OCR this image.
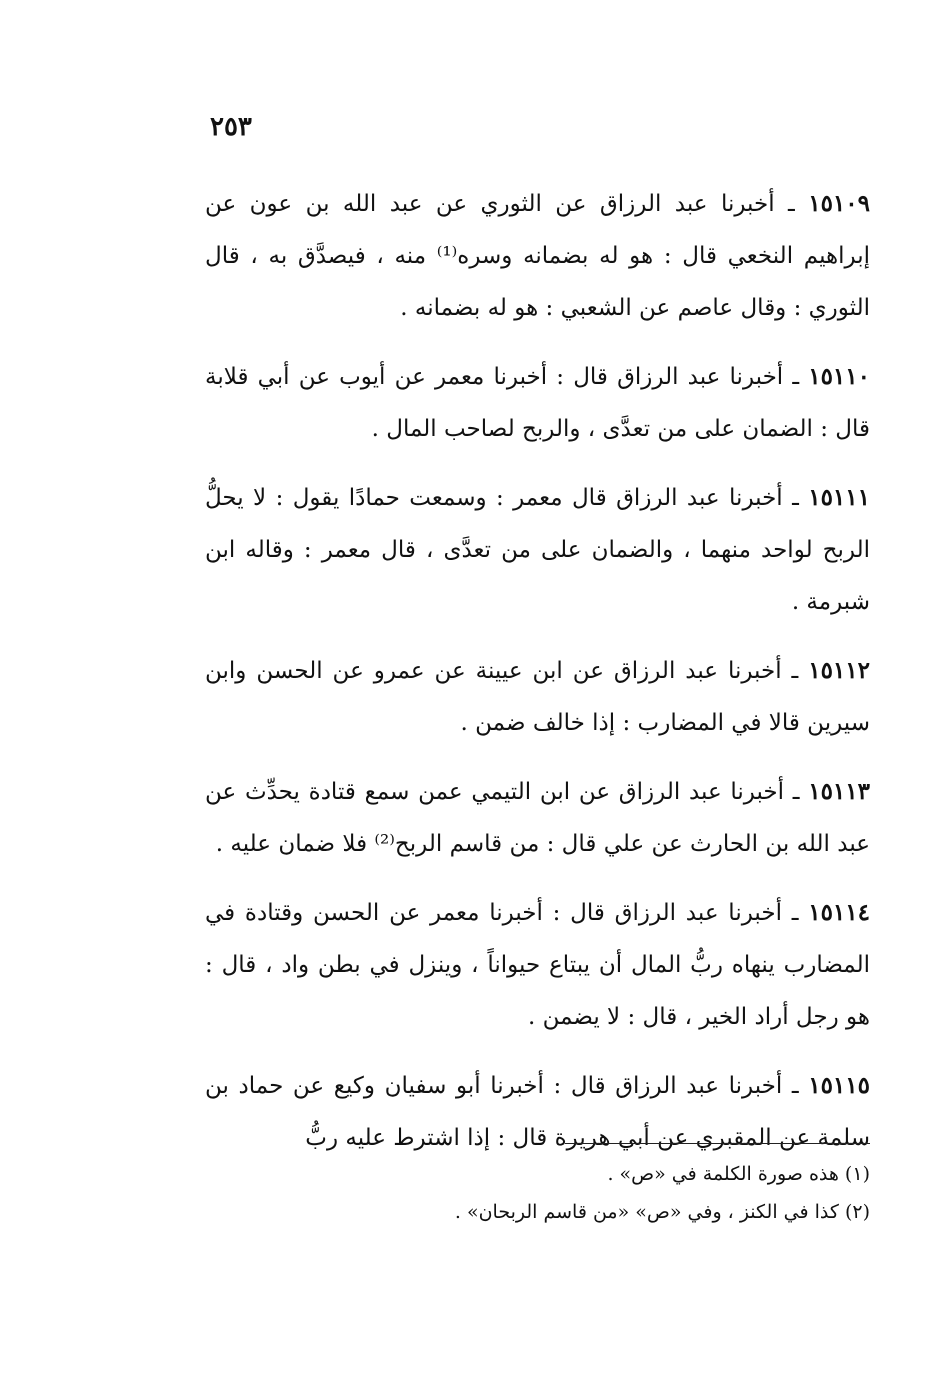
٢٥٣

١٥١٠٩ ـ أخبرنا عبد الرزاق عن الثوري عن عبد الله بن عون عن إبراهيم النخعي قال : هو له بضمانه وسره⁽¹⁾ منه ، فيصدَّق به ، قال الثوري : وقال عاصم عن الشعبي : هو له بضمانه .

١٥١١٠ ـ أخبرنا عبد الرزاق قال : أخبرنا معمر عن أيوب عن أبي قلابة قال : الضمان على من تعدَّى ، والربح لصاحب المال .

١٥١١١ ـ أخبرنا عبد الرزاق قال معمر : وسمعت حمادًا يقول : لا يحلُّ الربح لواحد منهما ، والضمان على من تعدَّى ، قال معمر : وقاله ابن شبرمة .

١٥١١٢ ـ أخبرنا عبد الرزاق عن ابن عيينة عن عمرو عن الحسن وابن سيرين قالا في المضارب : إذا خالف ضمن .

١٥١١٣ ـ أخبرنا عبد الرزاق عن ابن التيمي عمن سمع قتادة يحدِّث عن عبد الله بن الحارث عن علي قال : من قاسم الربح⁽²⁾ فلا ضمان عليه .

١٥١١٤ ـ أخبرنا عبد الرزاق قال : أخبرنا معمر عن الحسن وقتادة في المضارب ينهاه ربُّ المال أن يبتاع حيواناً ، وينزل في بطن واد ، قال : هو رجل أراد الخير ، قال : لا يضمن .

١٥١١٥ ـ أخبرنا عبد الرزاق قال : أخبرنا أبو سفيان وكيع عن حماد بن سلمة عن المقبري عن أبي هريرة قال : إذا اشترط عليه ربُّ

(١) هذه صورة الكلمة في «ص» .
(٢) كذا في الكنز ، وفي «ص» «من قاسم الربحان» .
